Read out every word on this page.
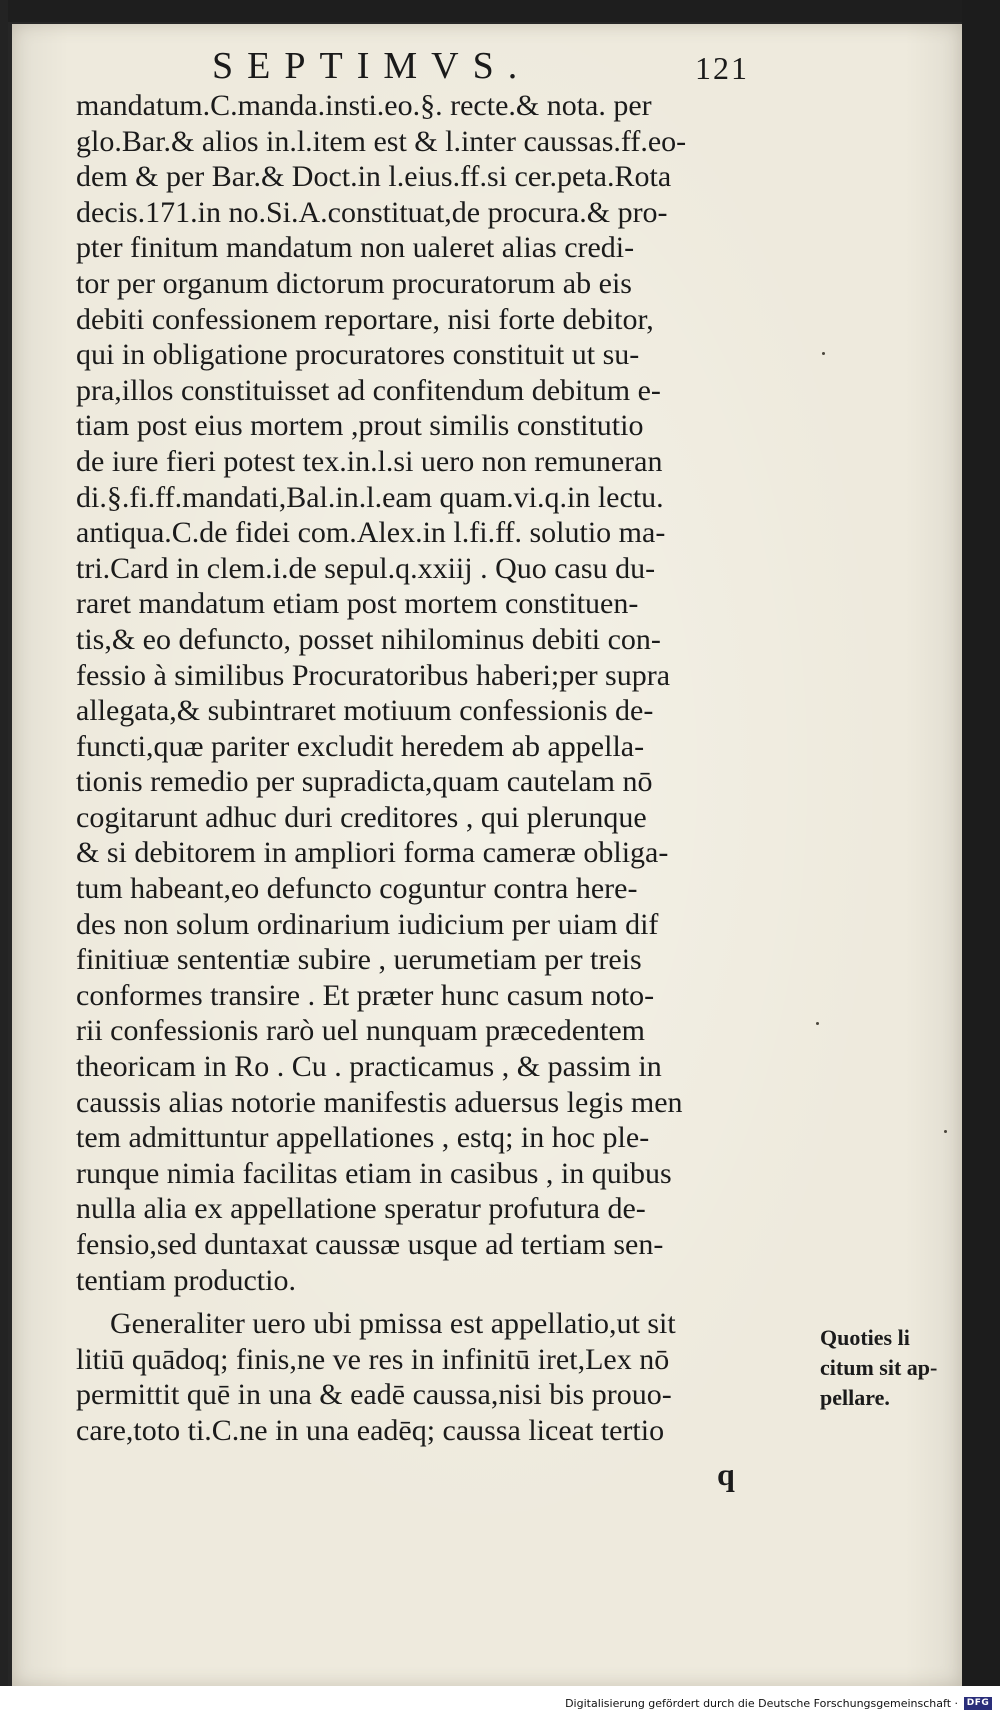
SEPTIMVS.	121
mandatum.C.manda.insti.eo.§. recte.& nota. per
glo.Bar.& alios in.l.item est & l.inter caussas.ff.eo-
dem & per Bar.& Doct.in l.eius.ff.si cer.peta.Rota
decis.171.in no.Si.A.constituat,de procura.& pro-
pter finitum mandatum non ualeret alias credi-
tor per organum dictorum procuratorum ab eis
debiti confessionem reportare, nisi forte debitor,
qui in obligatione procuratores constituit ut su-
pra,illos constituisset ad confitendum debitum e-
tiam post eius mortem ,prout similis constitutio
de iure fieri potest tex.in.l.si uero non remuneran
di.§.fi.ff.mandati,Bal.in.l.eam quam.vi.q.in lectu.
antiqua.C.de fidei com.Alex.in l.fi.ff. solutio ma-
tri.Card in clem.i.de sepul.q.xxiij . Quo casu du-
raret mandatum etiam post mortem constituen-
tis,& eo defuncto, posset nihilominus debiti con-
fessio à similibus Procuratoribus haberi;per supra
allegata,& subintraret motiuum confessionis de-
functi,quæ pariter excludit heredem ab appella-
tionis remedio per supradicta,quam cautelam nō
cogitarunt adhuc duri creditores , qui plerunque
& si debitorem in ampliori forma cameræ obliga-
tum habeant,eo defuncto coguntur contra here-
des non solum ordinarium iudicium per uiam dif
finitiuæ sententiæ subire , uerumetiam per treis
conformes transire . Et præter hunc casum noto-
rii confessionis rarò uel nunquam præcedentem
theoricam in Ro . Cu . practicamus , & passim in
caussis alias notorie manifestis aduersus legis men
tem admittuntur appellationes , estq; in hoc ple-
runque nimia facilitas etiam in casibus , in quibus
nulla alia ex appellatione speratur profutura de-
fensio,sed duntaxat caussæ usque ad tertiam sen-
tentiam productio.
Generaliter uero ubi pmissa est appellatio,ut sit
litiū quādoq; finis,ne ve res in infinitū iret,Lex nō
permittit quē in una & eadē caussa,nisi bis prouo-
care,toto ti.C.ne in una eadēq; caussa liceat tertio
Quoties li
citum sit ap-
pellare.
q
Digitalisierung gefördert durch die Deutsche Forschungsgemeinschaft · DFG
